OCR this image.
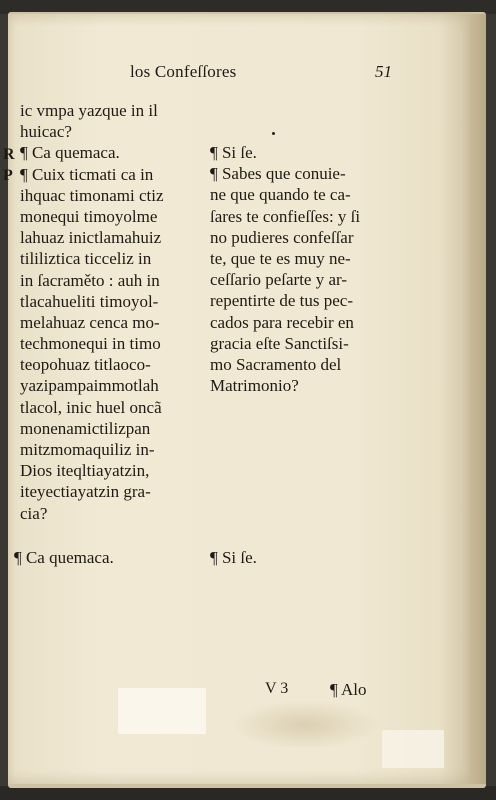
los Confeſſores	51
R
P
ic vmpa yazque in il
huicac?
¶ Ca quemaca.
¶ Cuix ticmati ca in
ihquac timonami ctiz
monequi timoyolme
lahuaz inictlamahuiz
tililiztica ticceliz in
in ſacraměto : auh in
tlacahueliti timoyol-
melahuaz cenca mo-
techmonequi in timo
teopohuaz titlaoco-
yazipampaimmotlah
tlacol, inic huel oncã
monenamictilizpan
mitzmomaquiliz in-
Dios iteqltiayatzin,
iteyectiayatzin gra-
cia?
¶ Si ſe.
¶ Sabes que conuie-
ne que quando te ca-
ſares te confieſſes: y ſi
no pudieres confeſſar
te, que te es muy ne-
ceſſario peſarte y ar-
repentirte de tus pec-
cados para recebir en
gracia eſte Sanctiſsi-
mo Sacramento del
Matrimonio?
¶ Ca quemaca.	¶ Si ſe.
V 3 ¶ Alo
